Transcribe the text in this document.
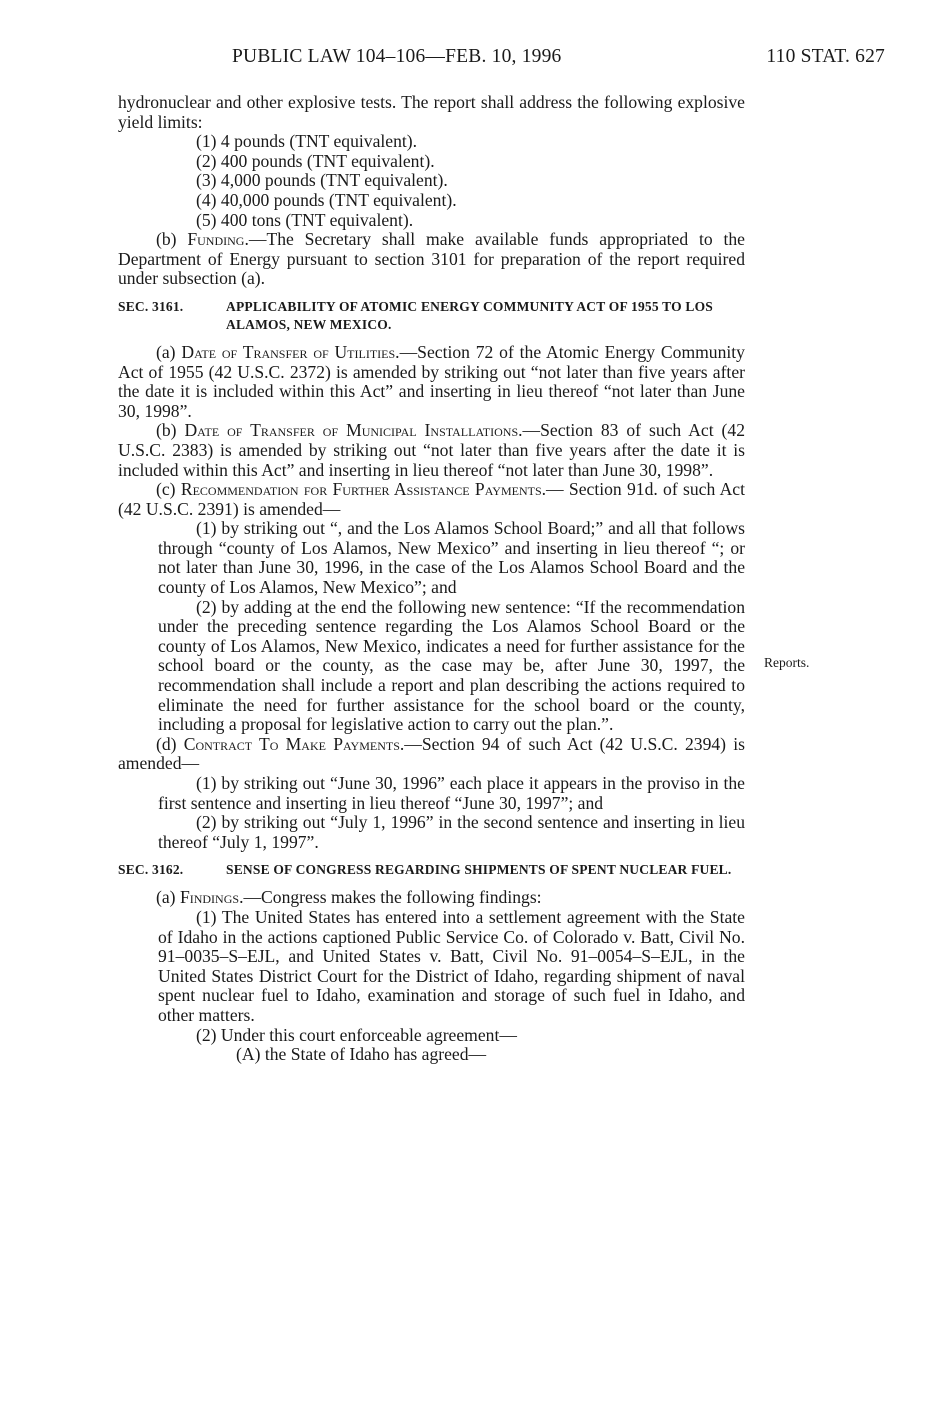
PUBLIC LAW 104–106—FEB. 10, 1996	110 STAT. 627
Reports.

hydronuclear and other explosive tests. The report shall address the following explosive yield limits:

(1) 4 pounds (TNT equivalent).

(2) 400 pounds (TNT equivalent).

(3) 4,000 pounds (TNT equivalent).

(4) 40,000 pounds (TNT equivalent).

(5) 400 tons (TNT equivalent).

(b) Funding.—The Secretary shall make available funds appropriated to the Department of Energy pursuant to section 3101 for preparation of the report required under subsection (a).

SEC. 3161.	APPLICABILITY OF ATOMIC ENERGY COMMUNITY ACT OF 1955 TO LOS ALAMOS, NEW MEXICO.

(a) Date of Transfer of Utilities.—Section 72 of the Atomic Energy Community Act of 1955 (42 U.S.C. 2372) is amended by striking out “not later than five years after the date it is included within this Act” and inserting in lieu thereof “not later than June 30, 1998”.

(b) Date of Transfer of Municipal Installations.—Section 83 of such Act (42 U.S.C. 2383) is amended by striking out “not later than five years after the date it is included within this Act” and inserting in lieu thereof “not later than June 30, 1998”.

(c) Recommendation for Further Assistance Payments.— Section 91d. of such Act (42 U.S.C. 2391) is amended—

(1) by striking out “, and the Los Alamos School Board;” and all that follows through “county of Los Alamos, New Mexico” and inserting in lieu thereof “; or not later than June 30, 1996, in the case of the Los Alamos School Board and the county of Los Alamos, New Mexico”; and

(2) by adding at the end the following new sentence: “If the recommendation under the preceding sentence regarding the Los Alamos School Board or the county of Los Alamos, New Mexico, indicates a need for further assistance for the school board or the county, as the case may be, after June 30, 1997, the recommendation shall include a report and plan describing the actions required to eliminate the need for further assistance for the school board or the county, including a proposal for legislative action to carry out the plan.”.

(d) Contract To Make Payments.—Section 94 of such Act (42 U.S.C. 2394) is amended—

(1) by striking out “June 30, 1996” each place it appears in the proviso in the first sentence and inserting in lieu thereof “June 30, 1997”; and

(2) by striking out “July 1, 1996” in the second sentence and inserting in lieu thereof “July 1, 1997”.

SEC. 3162.	SENSE OF CONGRESS REGARDING SHIPMENTS OF SPENT NUCLEAR FUEL.

(a) Findings.—Congress makes the following findings:

(1) The United States has entered into a settlement agreement with the State of Idaho in the actions captioned Public Service Co. of Colorado v. Batt, Civil No. 91–0035–S–EJL, and United States v. Batt, Civil No. 91–0054–S–EJL, in the United States District Court for the District of Idaho, regarding shipment of naval spent nuclear fuel to Idaho, examination and storage of such fuel in Idaho, and other matters.

(2) Under this court enforceable agreement—

(A) the State of Idaho has agreed—
